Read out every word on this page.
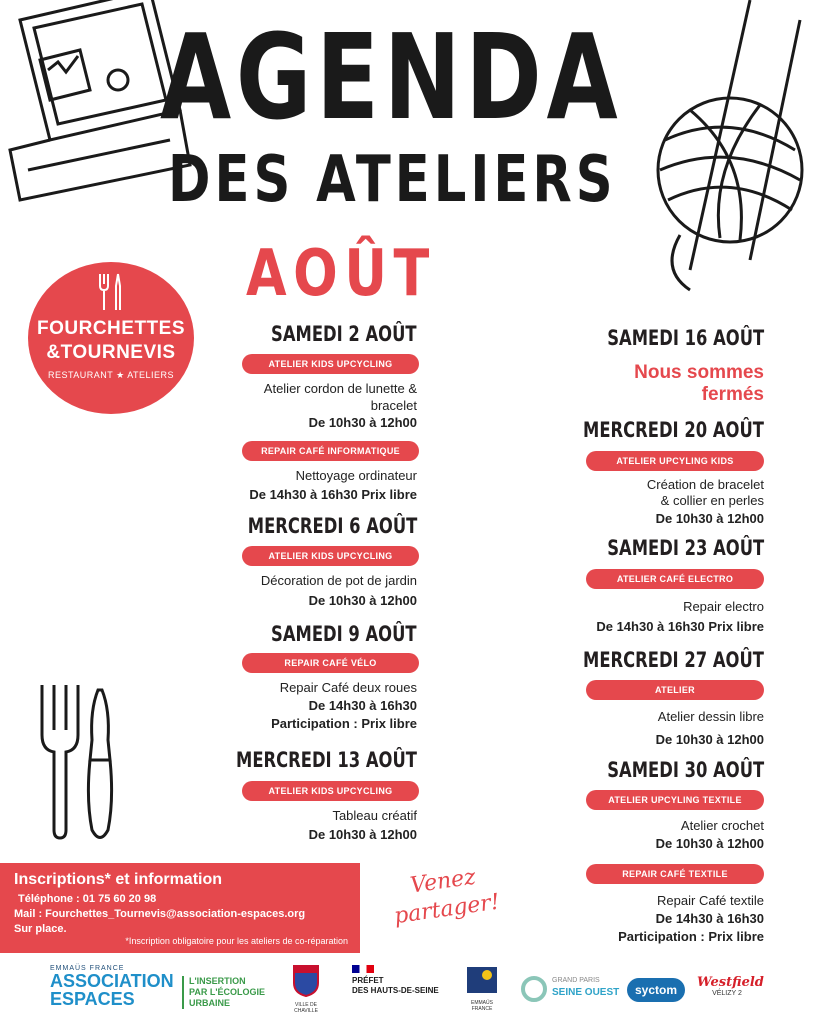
AGENDA
DES ATELIERS
AOÛT
FOURCHETTES
&TOURNEVIS
RESTAURANT ★ ATELIERS
SAMEDI 2 AOÛT
ATELIER KIDS UPCYCLING
Atelier cordon de lunette &
bracelet
De 10h30 à 12h00
REPAIR CAFÉ INFORMATIQUE
Nettoyage ordinateur
De 14h30 à 16h30 Prix libre
MERCREDI 6 AOÛT
ATELIER KIDS UPCYCLING
Décoration de pot de jardin
De 10h30 à 12h00
SAMEDI 9 AOÛT
REPAIR CAFÉ VÉLO
Repair Café deux roues
De 14h30 à 16h30
Participation : Prix libre
MERCREDI 13 AOÛT
ATELIER KIDS UPCYCLING
Tableau créatif
De 10h30 à 12h00
SAMEDI 16 AOÛT
Nous sommes
fermés
MERCREDI 20 AOÛT
ATELIER UPCYLING KIDS
Création de bracelet
& collier en perles
De 10h30 à 12h00
SAMEDI 23 AOÛT
ATELIER CAFÉ ELECTRO
Repair electro
De 14h30 à 16h30 Prix libre
MERCREDI 27 AOÛT
ATELIER
Atelier dessin libre
De 10h30 à 12h00
SAMEDI 30 AOÛT
ATELIER UPCYLING TEXTILE
Atelier crochet
De 10h30 à 12h00
REPAIR CAFÉ TEXTILE
Repair Café textile
De 14h30 à 16h30
Participation : Prix libre
Inscriptions* et information
Téléphone : 01 75 60 20 98
Mail : Fourchettes_Tournevis@association-espaces.org
Sur place.
*Inscription obligatoire pour les ateliers de co-réparation
Venez
partager!
EMMAÜS FRANCE
ASSOCIATION
ESPACES
L'INSERTION
PAR L'ÉCOLOGIE
URBAINE	VILLE DE CHAVILLE
PRÉFET
DES HAUTS-DE-SEINE
EMMAÜS FRANCE
GRAND PARIS
SEINE OUEST	syctom	Westfield
VÉLIZY 2
